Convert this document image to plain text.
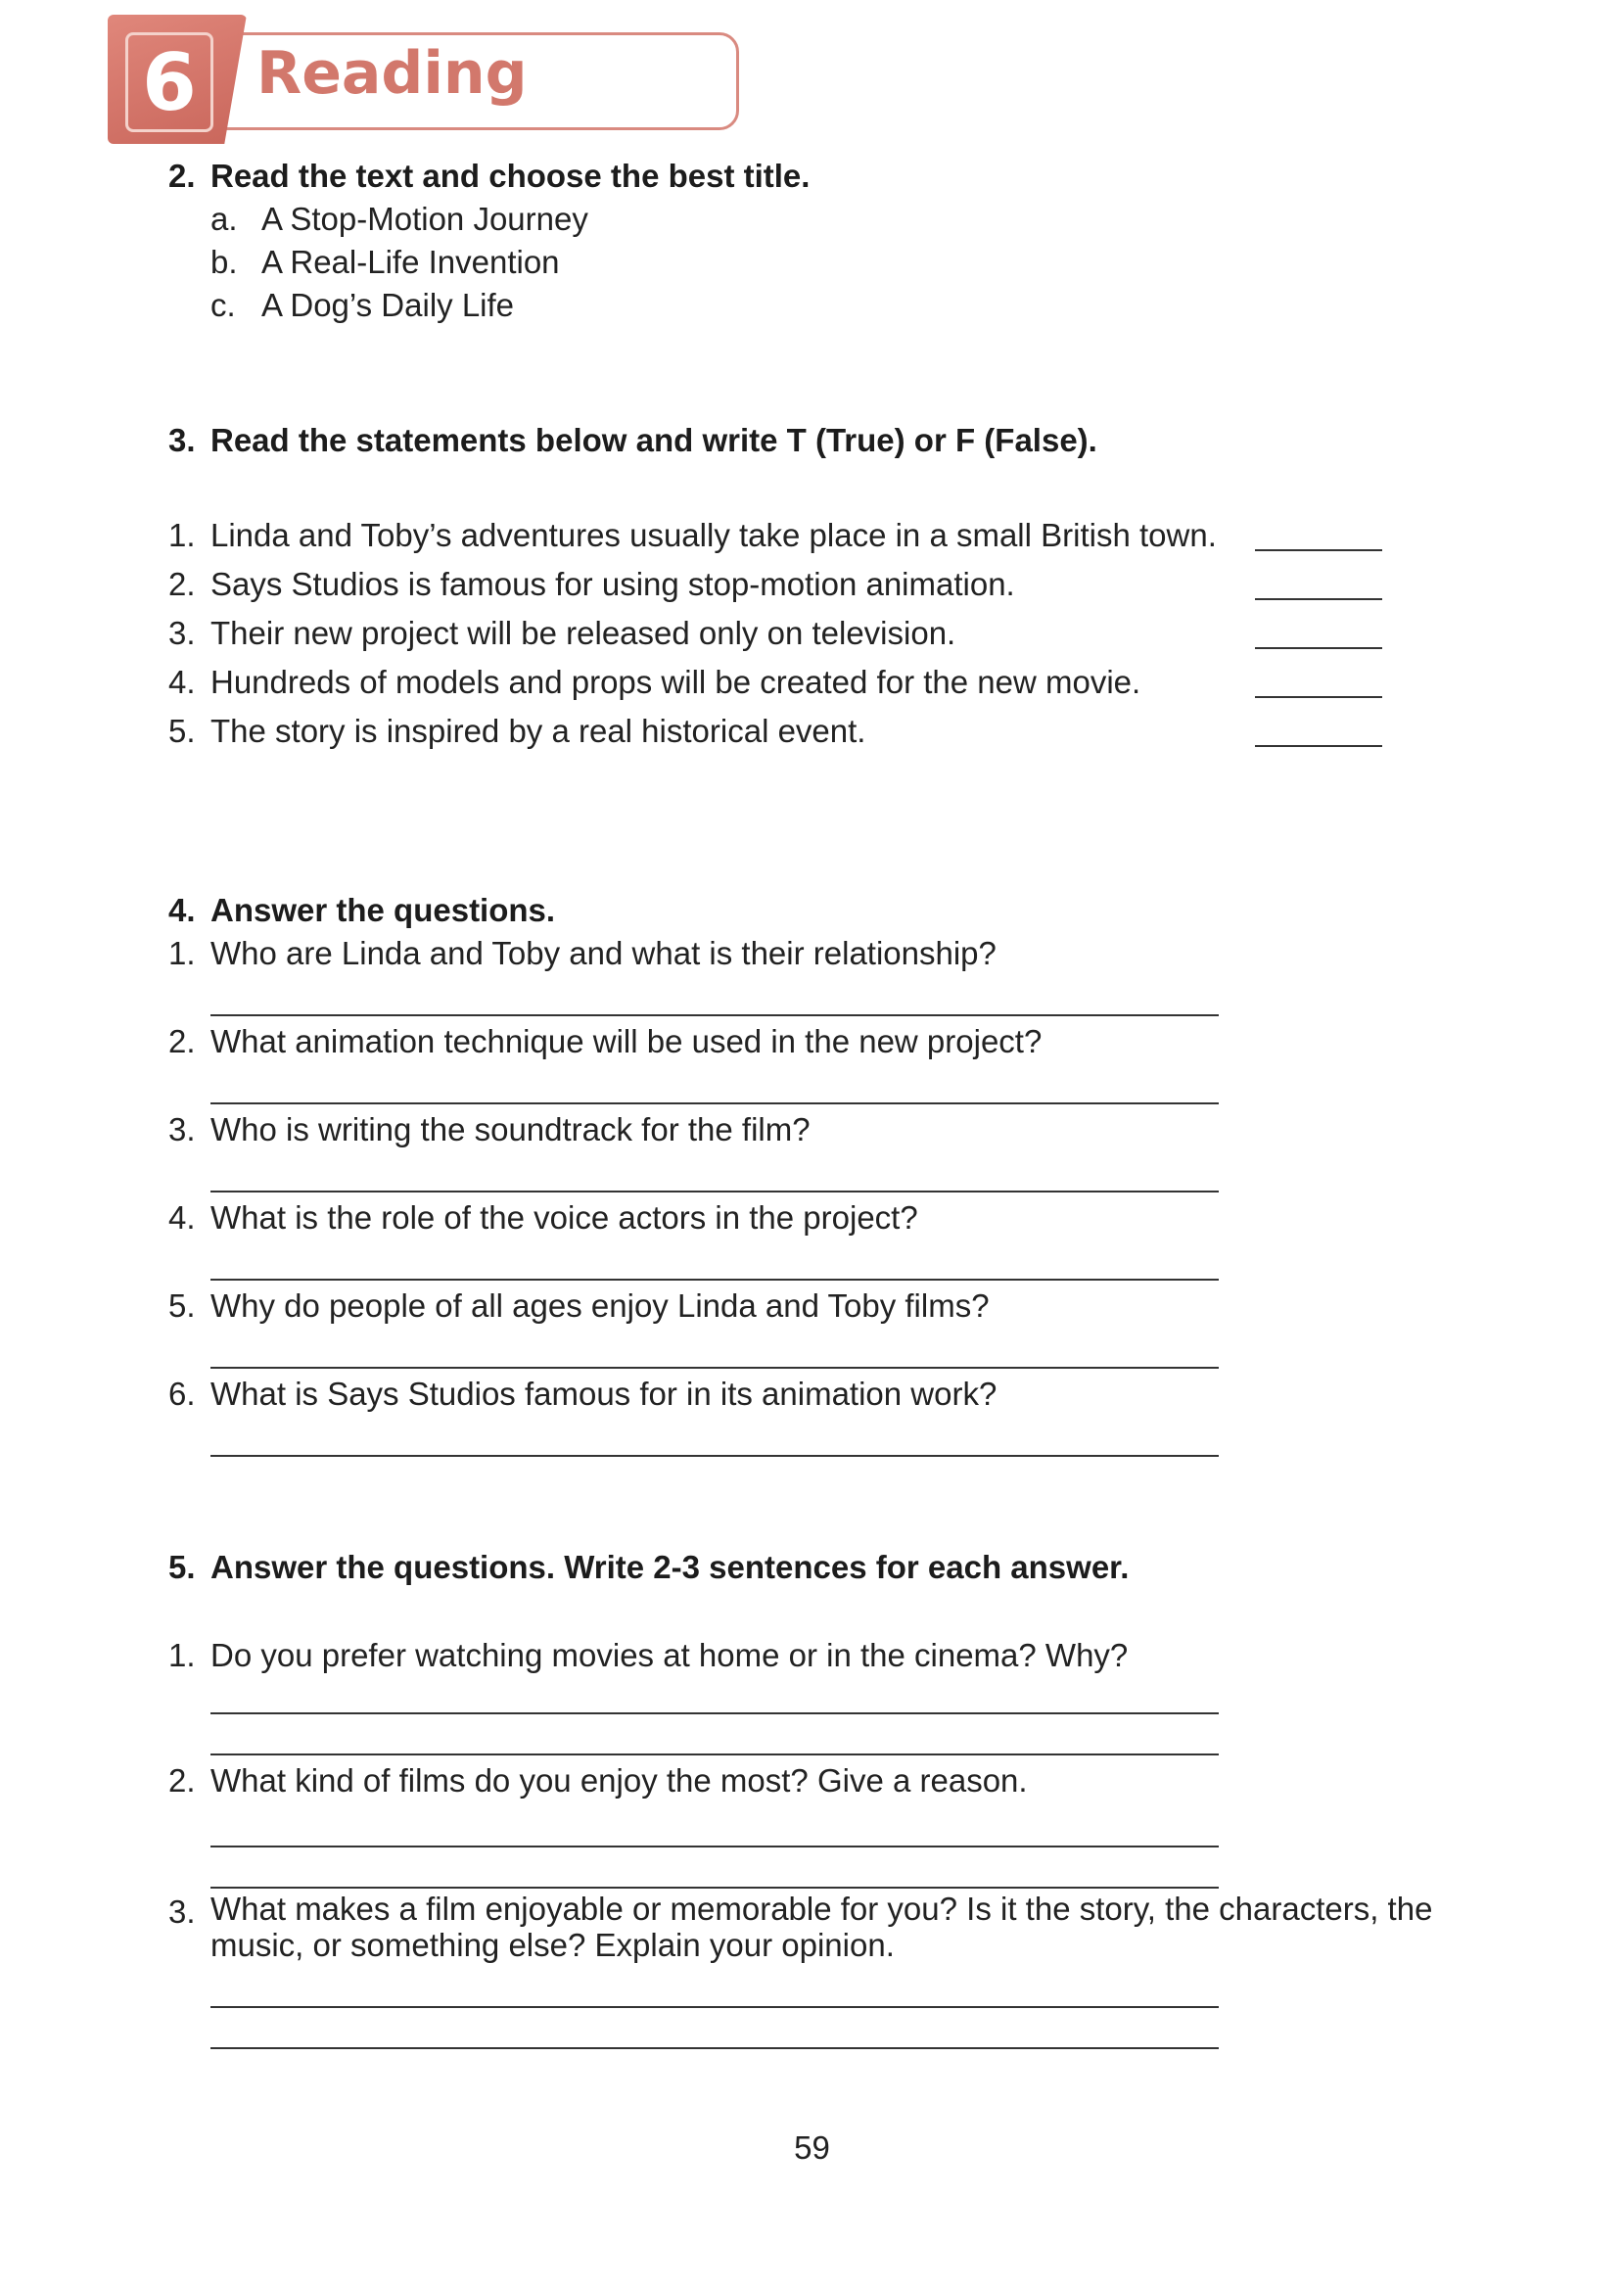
6 Reading
2. Read the text and choose the best title.
a. A Stop-Motion Journey
b. A Real-Life Invention
c. A Dog’s Daily Life
3. Read the statements below and write T (True) or F (False).
1. Linda and Toby’s adventures usually take place in a small British town.
2. Says Studios is famous for using stop-motion animation.
3. Their new project will be released only on television.
4. Hundreds of models and props will be created for the new movie.
5. The story is inspired by a real historical event.
4. Answer the questions.
1. Who are Linda and Toby and what is their relationship?
2. What animation technique will be used in the new project?
3. Who is writing the soundtrack for the film?
4. What is the role of the voice actors in the project?
5. Why do people of all ages enjoy Linda and Toby films?
6. What is Says Studios famous for in its animation work?
5. Answer the questions. Write 2-3 sentences for each answer.
1. Do you prefer watching movies at home or in the cinema? Why?
2. What kind of films do you enjoy the most? Give a reason.
3. What makes a film enjoyable or memorable for you? Is it the story, the characters, the music, or something else? Explain your opinion.
59
